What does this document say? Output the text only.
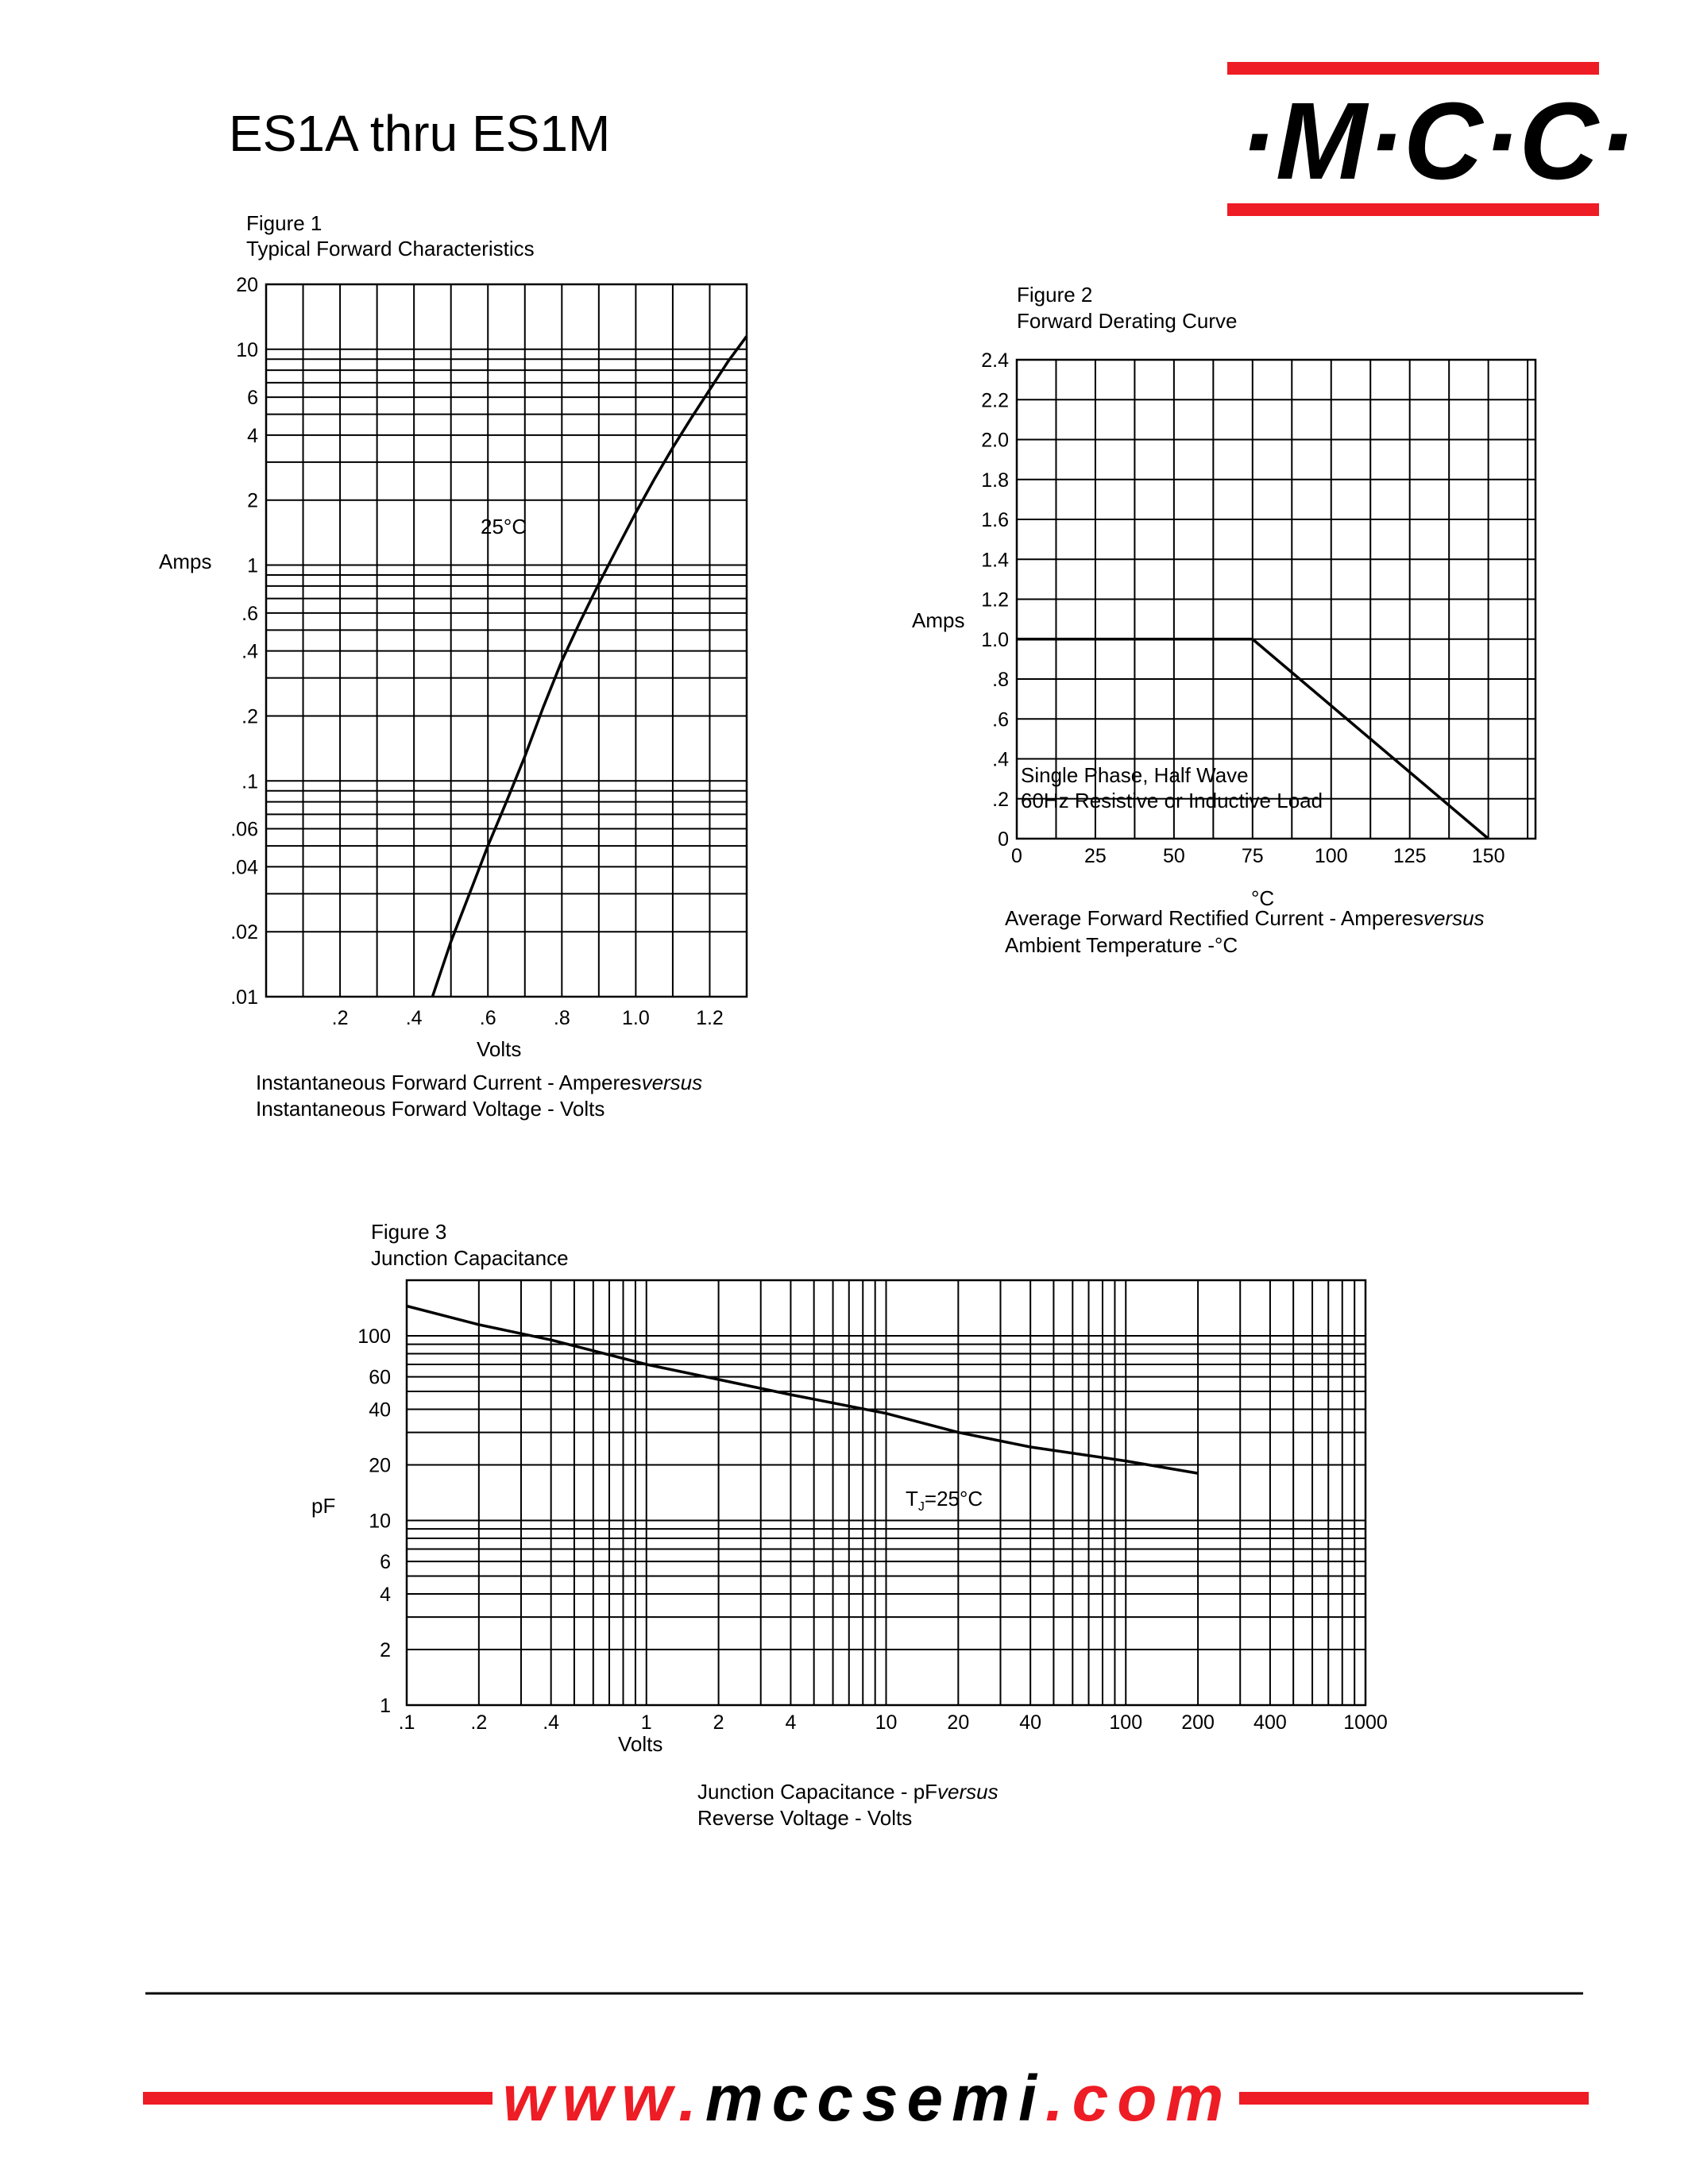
ES1A thru ES1M	·M·C·C·
Figure 1
Typical Forward Characteristics
.01
.02
.04
.06
.1
.2
.4
.6
1
2
4
6
10
20
.2	.4	.6	.8	1.0 1.2
25°C
Amps
Volts
Instantaneous Forward Current - Amperesversus
Instantaneous Forward Voltage - Volts
Figure 2
Forward Derating Curve
0
.2
.4
.6
.8
1.0
1.2
1.4
1.6
1.8
2.0
2.2
2.4
0	25	50	75	100 125 150
Single Phase, Half Wave
60Hz Resistive or Inductive Load
Amps
°C
Average Forward Rectified Current - Amperesversus
Ambient Temperature -°C
Figure 3
Junction Capacitance
1
2
4
6
10
20
40
60
100
.1	.2	.4	1	2	4	10	20	40	100 200 400	1000
$T_J=25^\circ C$
pF
Volts
Junction Capacitance - pFversus
Reverse Voltage - Volts
www.mccsemi.com
